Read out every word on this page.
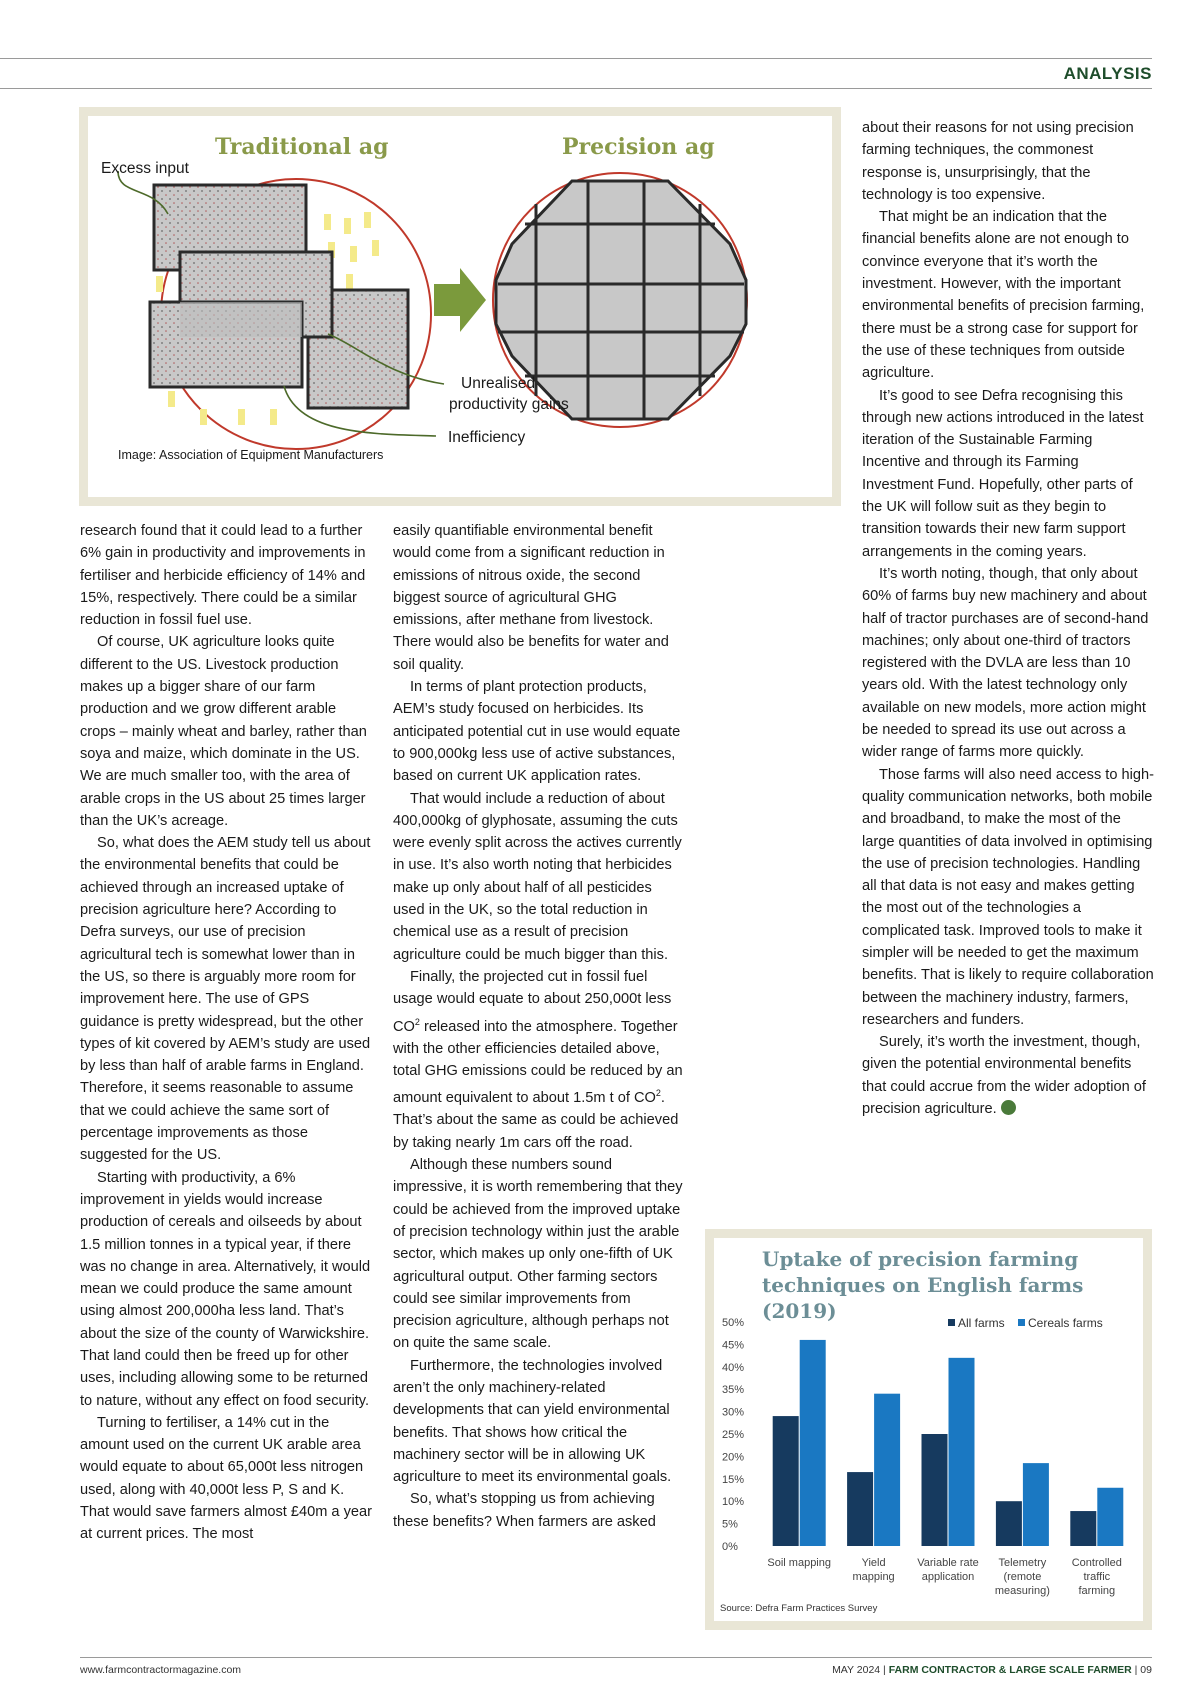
ANALYSIS
Traditional ag	Precision ag
Excess input
Unrealised
productivity gains
Inefficiency
Image: Association of Equipment Manufacturers

research found that it could lead to a further 6% gain in productivity and improvements in fertiliser and herbicide efficiency of 14% and 15%, respectively. There could be a similar reduction in fossil fuel use.

Of course, UK agriculture looks quite different to the US. Livestock production makes up a bigger share of our farm production and we grow different arable crops – mainly wheat and barley, rather than soya and maize, which dominate in the US. We are much smaller too, with the area of arable crops in the US about 25 times larger than the UK’s acreage.

So, what does the AEM study tell us about the environmental benefits that could be achieved through an increased uptake of precision agriculture here? According to Defra surveys, our use of precision agricultural tech is somewhat lower than in the US, so there is arguably more room for improvement here. The use of GPS guidance is pretty widespread, but the other types of kit covered by AEM’s study are used by less than half of arable farms in England. Therefore, it seems reasonable to assume that we could achieve the same sort of percentage improvements as those suggested for the US.

Starting with productivity, a 6% improvement in yields would increase production of cereals and oilseeds by about 1.5 million tonnes in a typical year, if there was no change in area. Alternatively, it would mean we could produce the same amount using almost 200,000ha less land. That’s about the size of the county of Warwickshire. That land could then be freed up for other uses, including allowing some to be returned to nature, without any effect on food security.

Turning to fertiliser, a 14% cut in the amount used on the current UK arable area would equate to about 65,000t less nitrogen used, along with 40,000t less P, S and K. That would save farmers almost £40m a year at current prices. The most

easily quantifiable environmental benefit would come from a significant reduction in emissions of nitrous oxide, the second biggest source of agricultural GHG emissions, after methane from livestock. There would also be benefits for water and soil quality.

In terms of plant protection products, AEM’s study focused on herbicides. Its anticipated potential cut in use would equate to 900,000kg less use of active substances, based on current UK application rates.

That would include a reduction of about 400,000kg of glyphosate, assuming the cuts were evenly split across the actives currently in use. It’s also worth noting that herbicides make up only about half of all pesticides used in the UK, so the total reduction in chemical use as a result of precision agriculture could be much bigger than this.

Finally, the projected cut in fossil fuel usage would equate to about 250,000t less $CO^2$ released into the atmosphere. Together with the other efficiencies detailed above, total GHG emissions could be reduced by an amount equivalent to about 1.5m t of $CO^2$. That’s about the same as could be achieved by taking nearly 1m cars off the road.

Although these numbers sound impressive, it is worth remembering that they could be achieved from the improved uptake of precision technology within just the arable sector, which makes up only one-fifth of UK agricultural output. Other farming sectors could see similar improvements from precision agriculture, although perhaps not on quite the same scale.

Furthermore, the technologies involved aren’t the only machinery-related developments that can yield environmental benefits. That shows how critical the machinery sector will be in allowing UK agriculture to meet its environmental goals.

So, what’s stopping us from achieving these benefits? When farmers are asked

about their reasons for not using precision farming techniques, the commonest response is, unsurprisingly, that the technology is too expensive.

That might be an indication that the financial benefits alone are not enough to convince everyone that it’s worth the investment. However, with the important environmental benefits of precision farming, there must be a strong case for support for the use of these techniques from outside agriculture.

It’s good to see Defra recognising this through new actions introduced in the latest iteration of the Sustainable Farming Incentive and through its Farming Investment Fund. Hopefully, other parts of the UK will follow suit as they begin to transition towards their new farm support arrangements in the coming years.

It’s worth noting, though, that only about 60% of farms buy new machinery and about half of tractor purchases are of second-hand machines; only about one-third of tractors registered with the DVLA are less than 10 years old. With the latest technology only available on new models, more action might be needed to spread its use out across a wider range of farms more quickly.

Those farms will also need access to high-quality communication networks, both mobile and broadband, to make the most of the large quantities of data involved in optimising the use of precision technologies. Handling all that data is not easy and makes getting the most out of the technologies a complicated task. Improved tools to make it simpler will be needed to get the maximum benefits. That is likely to require collaboration between the machinery industry, farmers, researchers and funders.

Surely, it’s worth the investment, though, given the potential environmental benefits that could accrue from the wider adoption of precision agriculture.

Uptake of precision farming
techniques on English farms (2019)	All farms Cereals farms
0%
5%
10%
15%
20%
25%
30%
35%
40%
45%
50%
Soil mapping	Yield
mapping
Variable rate
application
Telemetry
(remote
measuring)
Controlled
traffic
farming
Source: Defra Farm Practices Survey
www.farmcontractormagazine.com	MAY 2024 | FARM CONTRACTOR & LARGE SCALE FARMER | 09
